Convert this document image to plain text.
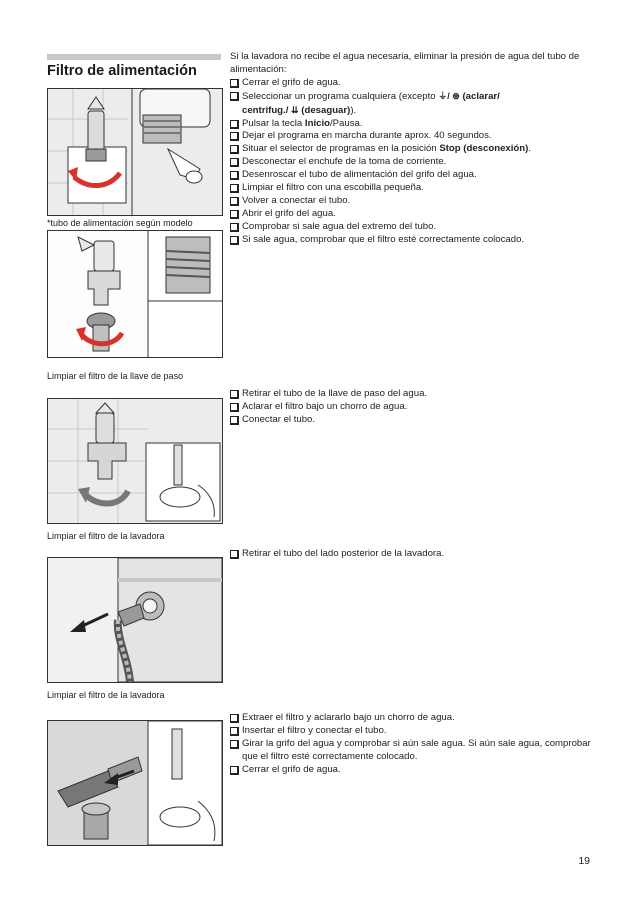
Filtro de alimentación
*tubo de alimentación según modelo
Limpiar el filtro de la llave de paso
Limpiar el filtro de la lavadora
Limpiar el filtro de la lavadora

Si la lavadora no recibe el agua necesaria, eliminar la presión de agua del tubo de alimentación:

Cerrar el grifo de agua.
Seleccionar un programa cualquiera (excepto ⏚/ ⊛ (aclarar/
centrifug./ ⇊ (desaguar)).
Pulsar la tecla Inicio/Pausa.
Dejar el programa en marcha durante aprox. 40 segundos.
Situar el selector de programas en la posición Stop (desconexión).
Desconectar el enchufe de la toma de corriente.
Desenroscar el tubo de alimentación del grifo del agua.
Limpiar el filtro con una escobilla pequeña.
Volver a conectar el tubo.
Abrir el grifo del agua.
Comprobar si sale agua del extremo del tubo.
Si sale agua, comprobar que el filtro esté correctamente colocado.
Retirar el tubo de la llave de paso del agua.
Aclarar el filtro bajo un chorro de agua.
Conectar el tubo.
Retirar el tubo del lado posterior de la lavadora.
Extraer el filtro y aclararlo bajo un chorro de agua.
Insertar el filtro y conectar el tubo.
Girar la grifo del agua y comprobar si aún sale agua. Si aún sale agua, comprobar que el filtro esté correctamente colocado.
Cerrar el grifo de agua.
19
